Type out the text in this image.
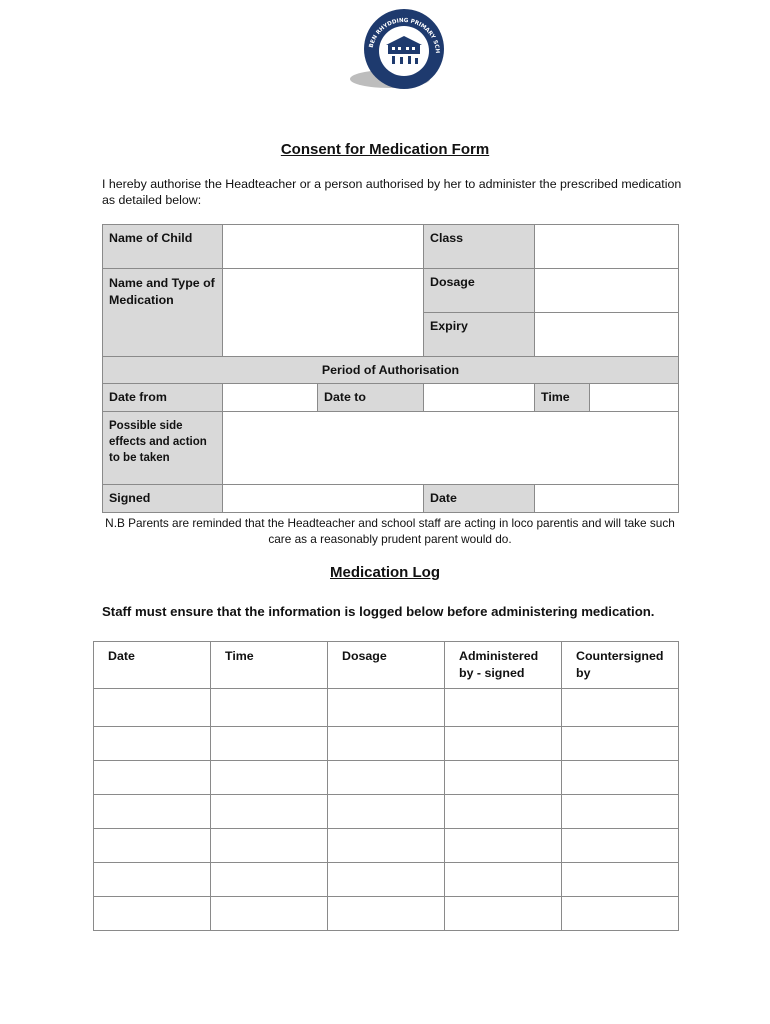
BEN RHYDDING PRIMARY SCH
Consent for Medication Form
I hereby authorise the Headteacher or a person authorised by her to administer the prescribed medication as detailed below:
Name of Child			Class		
Name and Type of Medication			Dosage		
			Expiry		
Period of Authorisation					
Date from		Date to		Time	
Possible side effects and action to be taken					
Signed			Date		
N.B Parents are reminded that the Headteacher and school staff are acting in loco parentis and will take such care as a reasonably prudent parent would do.
Medication Log
Staff must ensure that the information is logged below before administering medication.
Date	Time	Dosage	Administered by - signed	Countersigned by
